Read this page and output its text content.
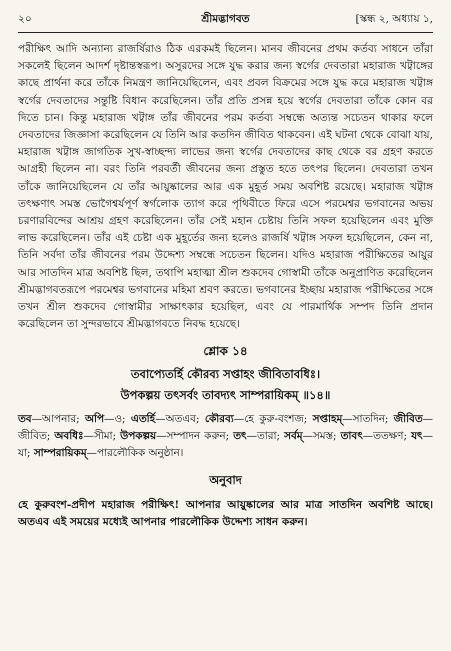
২০	শ্রীমদ্ভাগবত	[স্কন্ধ ২, অধ্যায় ১,
পরীক্ষিৎ আদি অন্যান্য রাজর্ষিরাও ঠিক এরকমই ছিলেন। মানব জীবনের প্রথম কর্তব্য সাধনে তাঁরা সকলেই ছিলেন আদর্শ দৃষ্টান্তস্বরূপ। অসুরদের সঙ্গে যুদ্ধ করার জন্য স্বর্গের দেবতারা মহারাজ খট্বাঙ্গের কাছে প্রার্থনা করে তাঁকে নিমন্ত্রণ জানিয়েছিলেন, এবং প্রবল বিক্রমের সঙ্গে যুদ্ধ করে মহারাজ খট্বাঙ্গ স্বর্গের দেবতাদের সন্তুষ্টি বিধান করেছিলেন। তাঁর প্রতি প্রসন্ন হয়ে স্বর্গের দেবতারা তাঁকে কোন বর দিতে চান। কিন্তু মহারাজ খট্বাঙ্গ তাঁর জীবনের পরম কর্তব্য সম্বন্ধে অত্যন্ত সচেতন থাকার ফলে দেবতাদের জিজ্ঞাসা করেছিলেন যে তিনি আর কতদিন জীবিত থাকবেন। এই ঘটনা থেকে বোঝা যায়, মহারাজ খট্বাঙ্গ জাগতিক সুখ-স্বাচ্ছন্দ্য লাভের জন্য স্বর্গের দেবতাদের কাছ থেকে বর গ্রহণ করতে আগ্রহী ছিলেন না। বরং তিনি পরবর্তী জীবনের জন্য প্রস্তুত হতে তৎপর ছিলেন। দেবতারা তখন তাঁকে জানিয়েছিলেন যে তাঁর আয়ুষ্কালের আর এক মুহূর্ত সময় অবশিষ্ট রয়েছে। মহারাজ খট্বাঙ্গ তৎক্ষণাৎ সমস্ত ভোগৈশ্বর্যপূর্ণ স্বর্গলোক ত্যাগ করে পৃথিবীতে ফিরে এসে পরমেশ্বর ভগবানের অভয় চরণারবিন্দের আশ্রয় গ্রহণ করেছিলেন। তাঁর সেই মহান চেষ্টায় তিনি সফল হয়েছিলেন এবং মুক্তি লাভ করেছিলেন। তাঁর এই চেষ্টা এক মুহূর্তের জন্য হলেও রাজর্ষি খট্বাঙ্গ সফল হয়েছিলেন, কেন না, তিনি সর্বদা তাঁর জীবনের পরম উদ্দেশ্য সম্বন্ধে সচেতন ছিলেন। যদিও মহারাজ পরীক্ষিতের আয়ুর আর সাতদিন মাত্র অবশিষ্ট ছিল, তথাপি মহাত্মা শ্রীল শুকদেব গোস্বামী তাঁকে অনুপ্রাণিত করেছিলেন শ্রীমদ্ভাগবতরূপে পরমেশ্বর ভগবানের মহিমা শ্রবণ করতে। ভগবানের ইচ্ছায় মহারাজ পরীক্ষিতের সঙ্গে তখন শ্রীল শুকদেব গোস্বামীর সাক্ষাৎকার হয়েছিল, এবং যে পারমার্থিক সম্পদ তিনি প্রদান করেছিলেন তা সুন্দরভাবে শ্রীমদ্ভাগবতে নিবদ্ধ হয়েছে।
শ্লোক ১৪
তবাপ্যেতর্হি কৌরব্য সপ্তাহং জীবিতাবধিঃ।
উপকল্পয় তৎসর্বং তাবদ্যৎ সাম্পরায়িকম্ ॥১৪॥
তব—আপনার; অপি—ও; এতর্হি—অতএব; কৌরব্য—হে কুরু-বংশজ; সপ্তাহম্—সাতদিন; জীবিত—জীবিত; অবধিঃ—সীমা; উপকল্পয়—সম্পাদন করুন; তৎ—তারা; সর্বম্—সমস্ত; তাবৎ—ততক্ষণ; যৎ—যা; সাম্পরায়িকম্—পারলৌকিক অনুষ্ঠান।
অনুবাদ
হে কুরুবংশ-প্রদীপ মহারাজ পরীক্ষিৎ! আপনার আয়ুষ্কালের আর মাত্র সাতদিন অবশিষ্ট আছে। অতএব এই সময়ের মধ্যেই আপনার পারলৌকিক উদ্দেশ্য সাধন করুন।
